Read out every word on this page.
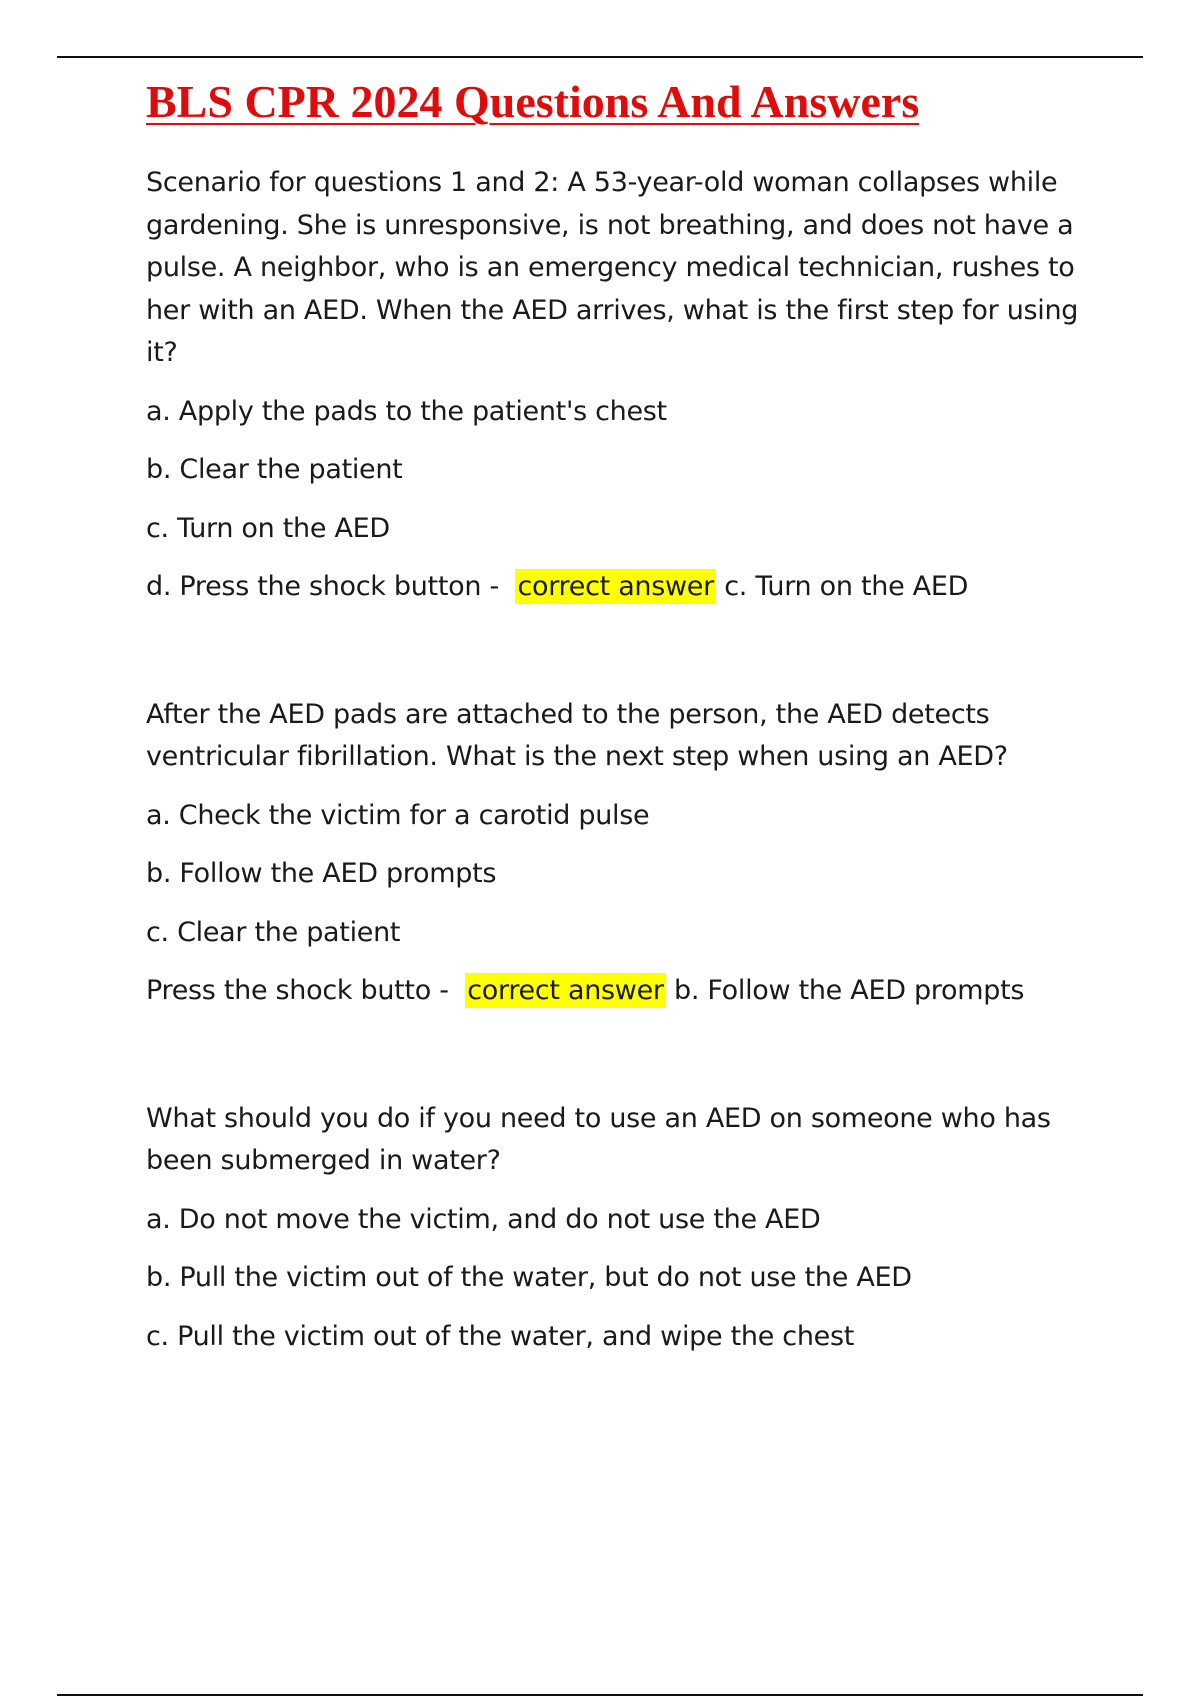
BLS CPR 2024 Questions And Answers
Scenario for questions 1 and 2: A 53-year-old woman collapses while
gardening. She is unresponsive, is not breathing, and does not have a
pulse. A neighbor, who is an emergency medical technician, rushes to
her with an AED. When the AED arrives, what is the first step for using
it?
a. Apply the pads to the patient's chest
b. Clear the patient
c. Turn on the AED
d. Press the shock button - correct answer c. Turn on the AED
After the AED pads are attached to the person, the AED detects
ventricular fibrillation. What is the next step when using an AED?
a. Check the victim for a carotid pulse
b. Follow the AED prompts
c. Clear the patient
Press the shock butto - correct answer b. Follow the AED prompts
What should you do if you need to use an AED on someone who has
been submerged in water?
a. Do not move the victim, and do not use the AED
b. Pull the victim out of the water, but do not use the AED
c. Pull the victim out of the water, and wipe the chest
